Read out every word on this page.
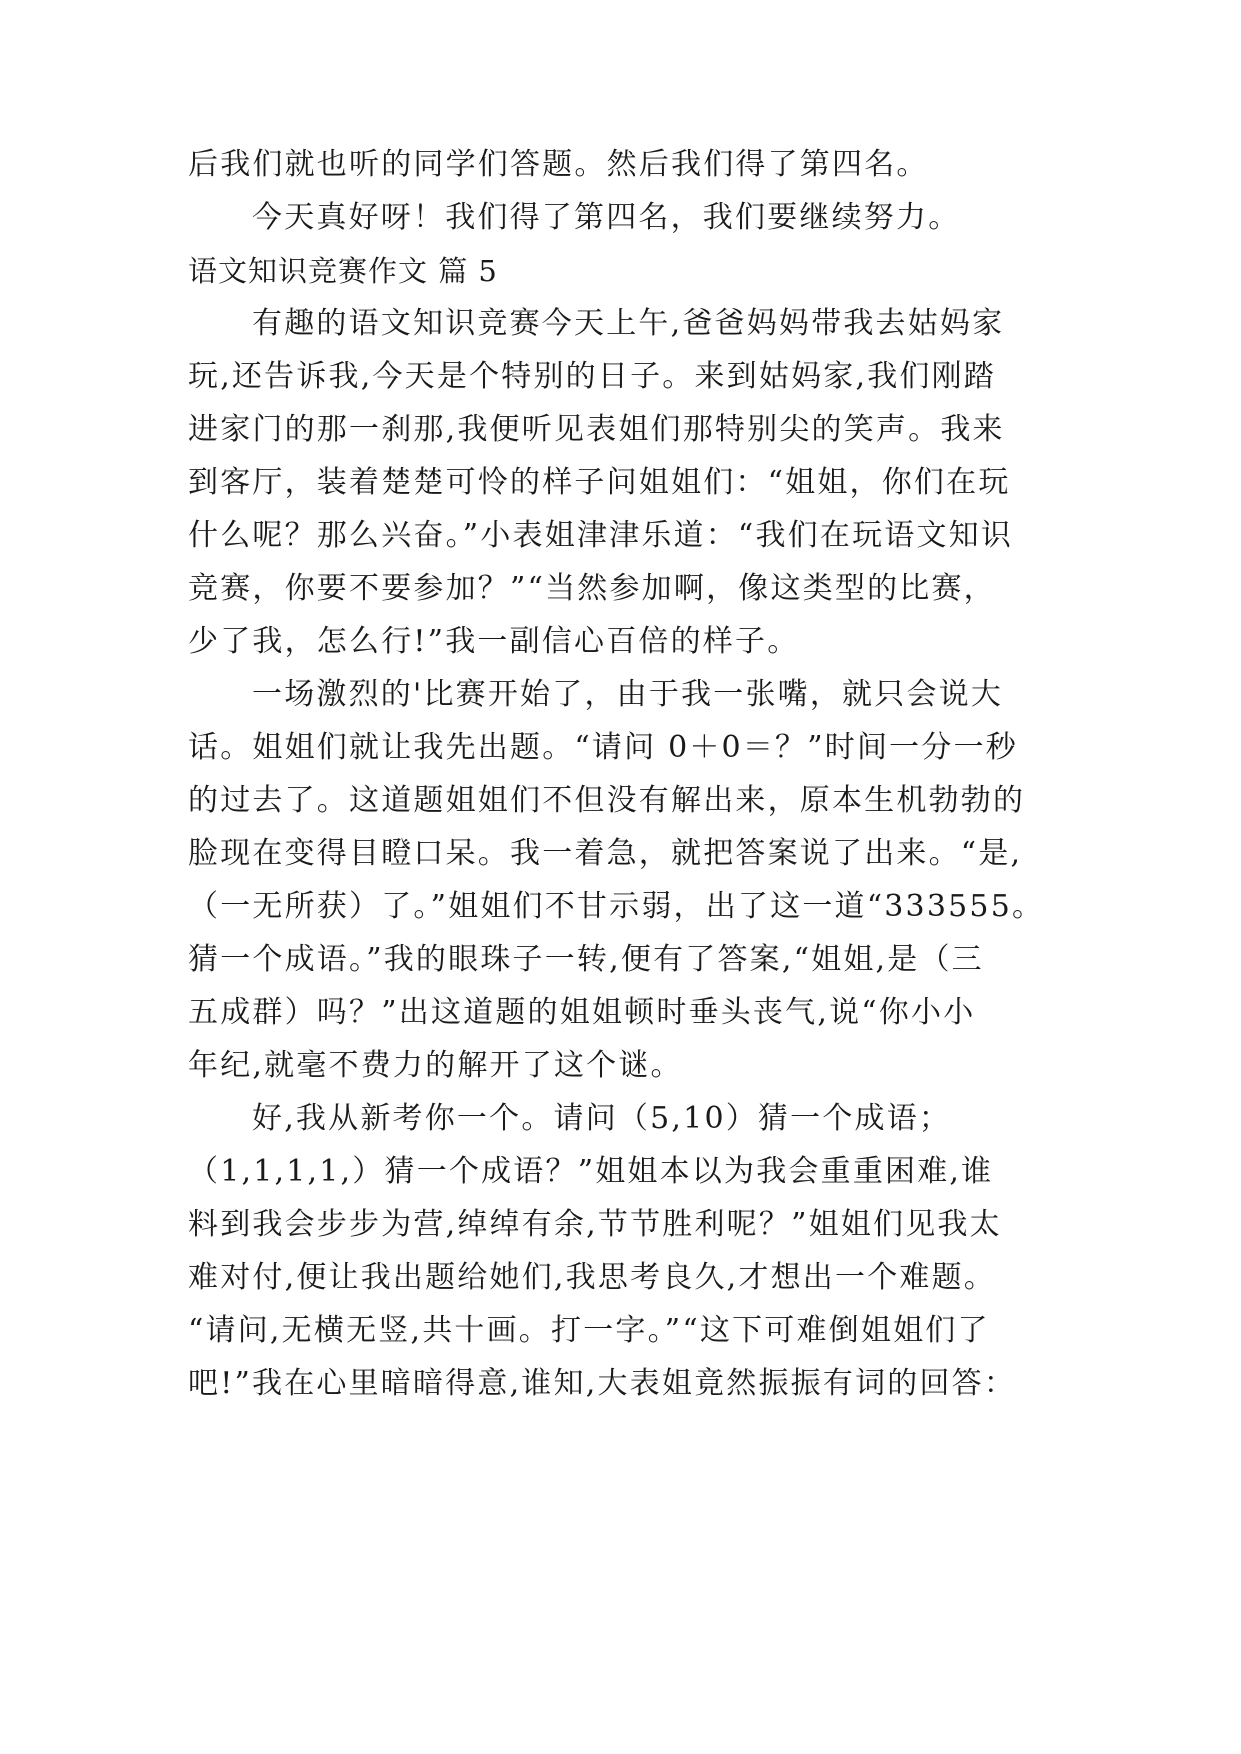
后我们就也听的同学们答题。然后我们得了第四名。
今天真好呀！我们得了第四名，我们要继续努力。
语文知识竞赛作文 篇 5
有趣的语文知识竞赛今天上午,爸爸妈妈带我去姑妈家
玩,还告诉我,今天是个特别的日子。来到姑妈家,我们刚踏
进家门的那一刹那,我便听见表姐们那特别尖的笑声。我来
到客厅，装着楚楚可怜的样子问姐姐们：“姐姐，你们在玩
什么呢？那么兴奋。”小表姐津津乐道：“我们在玩语文知识
竞赛，你要不要参加？”“当然参加啊，像这类型的比赛，
少了我，怎么行!”我一副信心百倍的样子。
一场激烈的'比赛开始了，由于我一张嘴，就只会说大
话。姐姐们就让我先出题。“请问 0＋0＝？”时间一分一秒
的过去了。这道题姐姐们不但没有解出来，原本生机勃勃的
脸现在变得目瞪口呆。我一着急，就把答案说了出来。“是,
（一无所获）了。”姐姐们不甘示弱，出了这一道“333555。
猜一个成语。”我的眼珠子一转,便有了答案,“姐姐,是（三
五成群）吗？”出这道题的姐姐顿时垂头丧气,说“你小小
年纪,就毫不费力的解开了这个谜。
好,我从新考你一个。请问（5,10）猜一个成语；
（1,1,1,1,）猜一个成语？”姐姐本以为我会重重困难,谁
料到我会步步为营,绰绰有余,节节胜利呢？”姐姐们见我太
难对付,便让我出题给她们,我思考良久,才想出一个难题。
“请问,无横无竖,共十画。打一字。”“这下可难倒姐姐们了
吧!”我在心里暗暗得意,谁知,大表姐竟然振振有词的回答：
